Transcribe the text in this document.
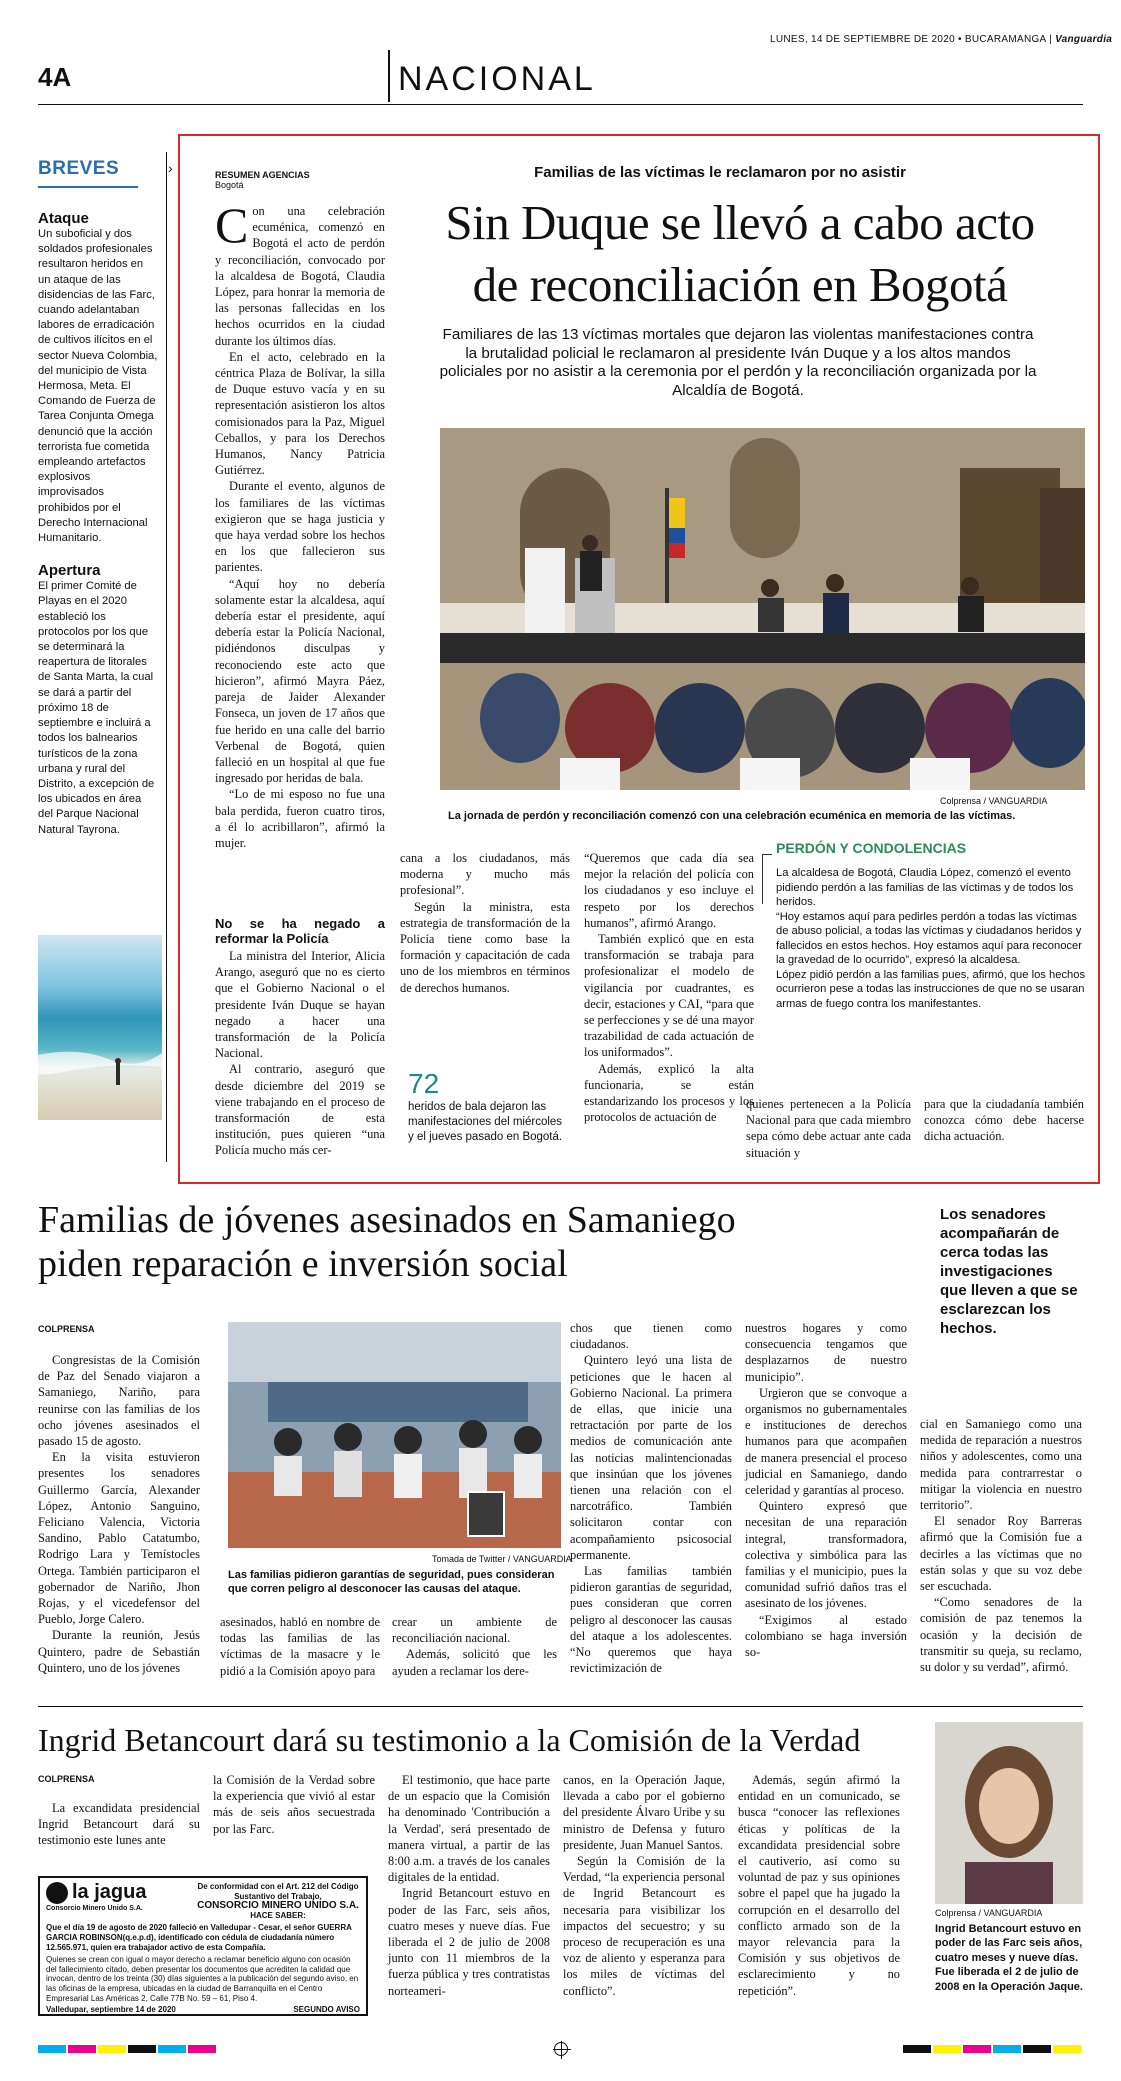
4A	NACIONAL
LUNES, 14 DE SEPTIEMBRE DE 2020 • BUCARAMANGA | Vanguardia
BREVES
Ataque
Un suboficial y dos soldados profesionales resultaron heridos en un ataque de las disidencias de las Farc, cuando adelantaban labores de erradicación de cultivos ilícitos en el sector Nueva Colombia, del municipio de Vista Hermosa, Meta. El Comando de Fuerza de Tarea Conjunta Omega denunció que la acción terrorista fue cometida empleando artefactos explosivos improvisados prohibidos por el Derecho Internacional Humanitario.
Apertura
El primer Comité de Playas en el 2020 estableció los protocolos por los que se determinará la reapertura de litorales de Santa Marta, la cual se dará a partir del próximo 18 de septiembre e incluirá a todos los balnearios turísticos de la zona urbana y rural del Distrito, a excepción de los ubicados en área del Parque Nacional Natural Tayrona.
›	RESUMEN AGENCIAS
Bogotá
Familias de las víctimas le reclamaron por no asistir
Sin Duque se llevó a cabo acto
de reconciliación en Bogotá
Familiares de las 13 víctimas mortales que dejaron las violentas manifestaciones contra la brutalidad policial le reclamaron al presidente Iván Duque y a los altos mandos policiales por no asistir a la ceremonia por el perdón y la reconciliación organizada por la Alcaldía de Bogotá.
Colprensa / VANGUARDIA
La jornada de perdón y reconciliación comenzó con una celebración ecuménica en memoria de las víctimas.

Con una celebración ecuménica, comenzó en Bogotá el acto de perdón y reconciliación, convocado por la alcaldesa de Bogotá, Claudia López, para honrar la memoria de las personas fallecidas en los hechos ocurridos en la ciudad durante los últimos días.

En el acto, celebrado en la céntrica Plaza de Bolívar, la silla de Duque estuvo vacía y en su representación asistieron los altos comisionados para la Paz, Miguel Ceballos, y para los Derechos Humanos, Nancy Patricia Gutiérrez.

Durante el evento, algunos de los familiares de las víctimas exigieron que se haga justicia y que haya verdad sobre los hechos en los que fallecieron sus parientes.

“Aquí hoy no debería solamente estar la alcaldesa, aquí debería estar el presidente, aquí debería estar la Policía Nacional, pidiéndonos disculpas y reconociendo este acto que hicieron”, afirmó Mayra Páez, pareja de Jaider Alexander Fonseca, un joven de 17 años que fue herido en una calle del barrio Verbenal de Bogotá, quien falleció en un hospital al que fue ingresado por heridas de bala.

“Lo de mi esposo no fue una bala perdida, fueron cuatro tiros, a él lo acribillaron”, afirmó la mujer.

No se ha negado a reformar la Policía

La ministra del Interior, Alicia Arango, aseguró que no es cierto que el Gobierno Nacional o el presidente Iván Duque se hayan negado a hacer una transformación de la Policía Nacional.

Al contrario, aseguró que desde diciembre del 2019 se viene trabajando en el proceso de transformación de esta institución, pues quieren “una Policía mucho más cer-

cana a los ciudadanos, más moderna y mucho más profesional”.

Según la ministra, esta estrategia de transformación de la Policía tiene como base la formación y capacitación de cada uno de los miembros en términos de derechos humanos.

72
heridos de bala dejaron las manifestaciones del miércoles y el jueves pasado en Bogotá.

“Queremos que cada día sea mejor la relación del policía con los ciudadanos y eso incluye el respeto por los derechos humanos”, afirmó Arango.

También explicó que en esta transformación se trabaja para profesionalizar el modelo de vigilancia por cuadrantes, es decir, estaciones y CAI, “para que se perfecciones y se dé una mayor trazabilidad de cada actuación de los uniformados”.

Además, explicó la alta funcionaria, se están estandarizando los procesos y los protocolos de actuación de

PERDÓN Y CONDOLENCIAS
La alcaldesa de Bogotá, Claudia López, comenzó el evento pidiendo perdón a las familias de las víctimas y de todos los heridos.
“Hoy estamos aquí para pedirles perdón a todas las víctimas de abuso policial, a todas las víctimas y ciudadanos heridos y fallecidos en estos hechos. Hoy estamos aquí para reconocer la gravedad de lo ocurrido”, expresó la alcaldesa.
López pidió perdón a las familias pues, afirmó, que los hechos ocurrieron pese a todas las instrucciones de que no se usaran armas de fuego contra los manifestantes.

quienes pertenecen a la Policía Nacional para que cada miembro sepa cómo debe actuar ante cada situación y

para que la ciudadanía también conozca cómo debe hacerse dicha actuación.

Familias de jóvenes asesinados en Samaniego
piden reparación e inversión social
Los senadores acompañarán de cerca todas las investigaciones que lleven a que se esclarezcan los hechos.
COLPRENSA

Congresistas de la Comisión de Paz del Senado viajaron a Samaniego, Nariño, para reunirse con las familias de los ocho jóvenes asesinados el pasado 15 de agosto.

En la visita estuvieron presentes los senadores Guillermo García, Alexander López, Antonio Sanguino, Feliciano Valencia, Victoria Sandino, Pablo Catatumbo, Rodrigo Lara y Temístocles Ortega. También participaron el gobernador de Nariño, Jhon Rojas, y el vicedefensor del Pueblo, Jorge Calero.

Durante la reunión, Jesús Quintero, padre de Sebastián Quintero, uno de los jóvenes

Tomada de Twitter / VANGUARDIA
Las familias pidieron garantías de seguridad, pues consideran que corren peligro al desconocer las causas del ataque.

asesinados, habló en nombre de todas las familias de las víctimas de la masacre y le pidió a la Comisión apoyo para

crear un ambiente de reconciliación nacional.

Además, solicitó que les ayuden a reclamar los dere-

chos que tienen como ciudadanos.

Quintero leyó una lista de peticiones que le hacen al Gobierno Nacional. La primera de ellas, que inicie una retractación por parte de los medios de comunicación ante las noticias malintencionadas que insinúan que los jóvenes tienen una relación con el narcotráfico. También solicitaron contar con acompañamiento psicosocial permanente.

Las familias también pidieron garantías de seguridad, pues consideran que corren peligro al desconocer las causas del ataque a los adolescentes. “No queremos que haya revictimización de

nuestros hogares y como consecuencia tengamos que desplazarnos de nuestro municipio”.

Urgieron que se convoque a organismos no gubernamentales e instituciones de derechos humanos para que acompañen de manera presencial el proceso judicial en Samaniego, dando celeridad y garantías al proceso.

Quintero expresó que necesitan de una reparación integral, transformadora, colectiva y simbólica para las familias y el municipio, pues la comunidad sufrió daños tras el asesinato de los jóvenes.

“Exigimos al estado colombiano se haga inversión so-

cial en Samaniego como una medida de reparación a nuestros niños y adolescentes, como una medida para contrarrestar o mitigar la violencia en nuestro territorio”.

El senador Roy Barreras afirmó que la Comisión fue a decirles a las víctimas que no están solas y que su voz debe ser escuchada.

“Como senadores de la comisión de paz tenemos la ocasión y la decisión de transmitir su queja, su reclamo, su dolor y su verdad”, afirmó.

Ingrid Betancourt dará su testimonio a la Comisión de la Verdad
COLPRENSA

La excandidata presidencial Ingrid Betancourt dará su testimonio este lunes ante

la Comisión de la Verdad sobre la experiencia que vivió al estar más de seis años secuestrada por las Farc.

El testimonio, que hace parte de un espacio que la Comisión ha denominado 'Contribución a la Verdad', será presentado de manera virtual, a partir de las 8:00 a.m. a través de los canales digitales de la entidad.

Ingrid Betancourt estuvo en poder de las Farc, seis años, cuatro meses y nueve días. Fue liberada el 2 de julio de 2008 junto con 11 miembros de la fuerza pública y tres contratistas norteameri-

canos, en la Operación Jaque, llevada a cabo por el gobierno del presidente Álvaro Uribe y su ministro de Defensa y futuro presidente, Juan Manuel Santos.

Según la Comisión de la Verdad, “la experiencia personal de Ingrid Betancourt es necesaria para visibilizar los impactos del secuestro; y su proceso de recuperación es una voz de aliento y esperanza para los miles de víctimas del conflicto”.

Además, según afirmó la entidad en un comunicado, se busca “conocer las reflexiones éticas y políticas de la excandidata presidencial sobre el cautiverio, así como su voluntad de paz y sus opiniones sobre el papel que ha jugado la corrupción en el desarrollo del conflicto armado son de la mayor relevancia para la Comisión y sus objetivos de esclarecimiento y no repetición”.

Colprensa / VANGUARDIA
Ingrid Betancourt estuvo en poder de las Farc seis años, cuatro meses y nueve días. Fue liberada el 2 de julio de 2008 en la Operación Jaque.
la jagua
Consorcio Minero Unido S.A.
De conformidad con el Art. 212 del Código Sustantivo del Trabajo,
CONSORCIO MINERO UNIDO S.A.
HACE SABER:
Que el día 19 de agosto de 2020 falleció en Valledupar - Cesar, el señor GUERRA GARCIA ROBINSON(q.e.p.d), identificado con cédula de ciudadanía número 12.565.971, quien era trabajador activo de esta Compañía.
Quienes se crean con igual o mayor derecho a reclamar beneficio alguno con ocasión del fallecimiento citado, deben presentar los documentos que acrediten la calidad que invocan, dentro de los treinta (30) días siguientes a la publicación del segundo aviso, en las oficinas de la empresa, ubicadas en la ciudad de Barranquilla en el Centro Empresarial Las Américas 2, Calle 77B No. 59 – 61, Piso 4.
Valledupar, septiembre 14 de 2020	SEGUNDO AVISO
